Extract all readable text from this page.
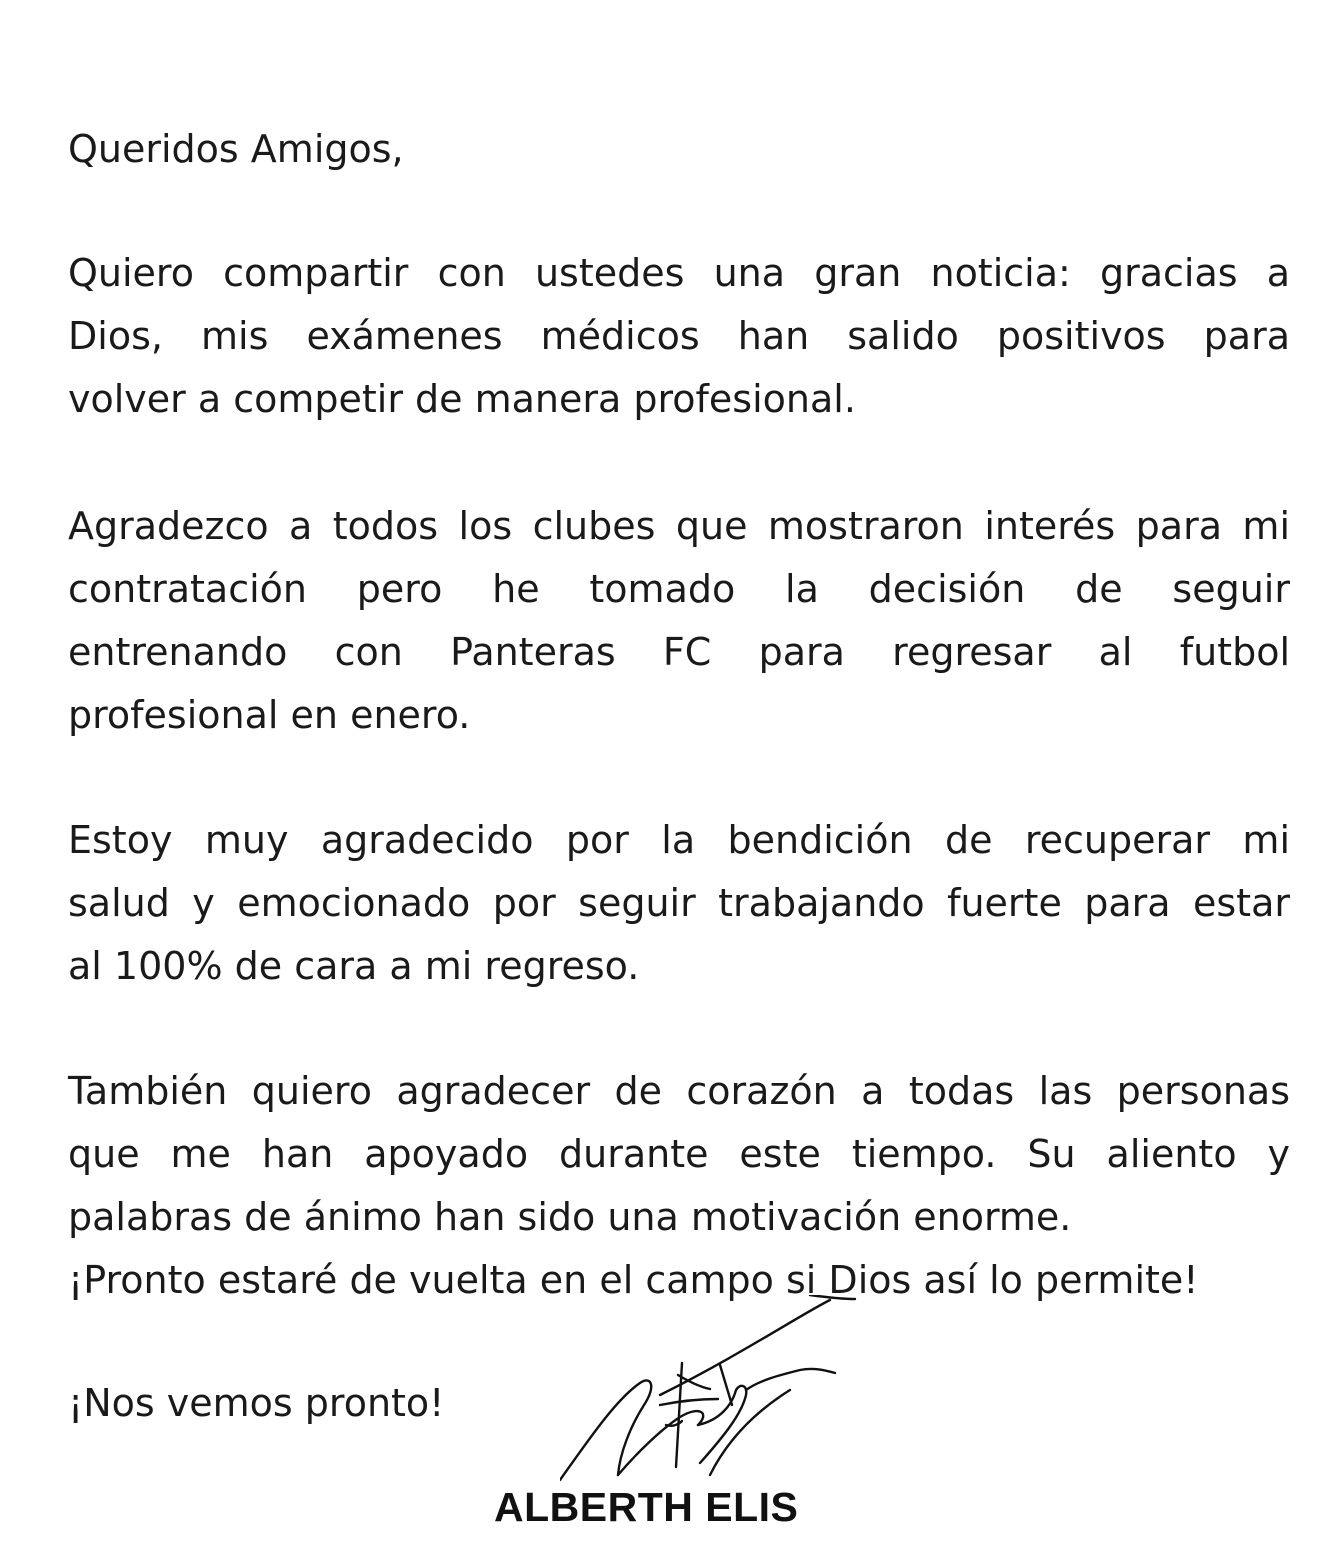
Queridos Amigos,

Quiero compartir con ustedes una gran noticia: gracias a
Dios, mis exámenes médicos han salido positivos para
volver a competir de manera profesional.

Agradezco a todos los clubes que mostraron interés para mi
contratación pero he tomado la decisión de seguir
entrenando con Panteras FC para regresar al futbol
profesional en enero.

Estoy muy agradecido por la bendición de recuperar mi
salud y emocionado por seguir trabajando fuerte para estar
al 100% de cara a mi regreso.

También quiero agradecer de corazón a todas las personas
que me han apoyado durante este tiempo. Su aliento y
palabras de ánimo han sido una motivación enorme.
¡Pronto estaré de vuelta en el campo si Dios así lo permite!

¡Nos vemos pronto!

ALBERTH ELIS
